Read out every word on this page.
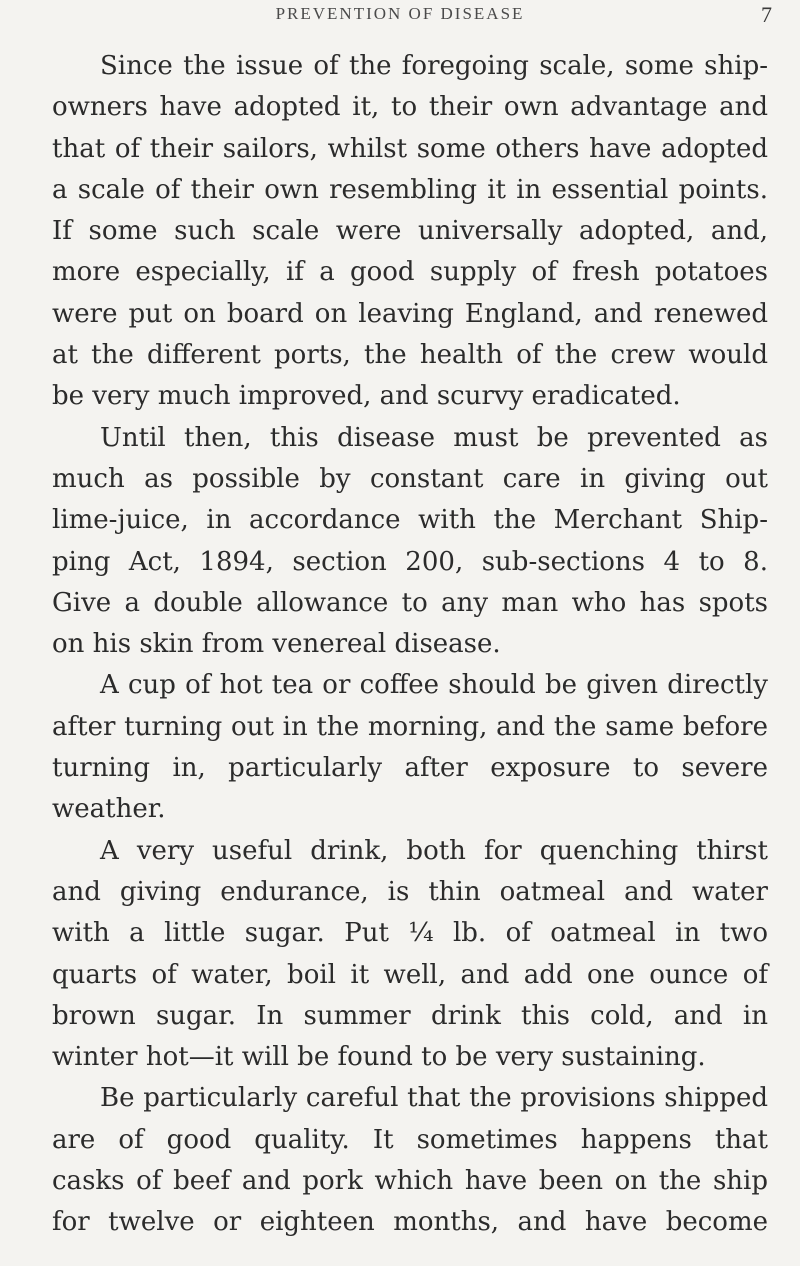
PREVENTION OF DISEASE	7
Since the issue of the foregoing scale, some ship-
owners have adopted it, to their own advantage and
that of their sailors, whilst some others have adopted
a scale of their own resembling it in essential points.
If some such scale were universally adopted, and,
more especially, if a good supply of fresh potatoes
were put on board on leaving England, and renewed
at the different ports, the health of the crew would
be very much improved, and scurvy eradicated.
Until then, this disease must be prevented as
much as possible by constant care in giving out
lime-juice, in accordance with the Merchant Ship-
ping Act, 1894, section 200, sub-sections 4 to 8.
Give a double allowance to any man who has spots
on his skin from venereal disease.
A cup of hot tea or coffee should be given directly
after turning out in the morning, and the same before
turning in, particularly after exposure to severe
weather.
A very useful drink, both for quenching thirst
and giving endurance, is thin oatmeal and water
with a little sugar. Put ¼ lb. of oatmeal in two
quarts of water, boil it well, and add one ounce of
brown sugar. In summer drink this cold, and in
winter hot—it will be found to be very sustaining.
Be particularly careful that the provisions shipped
are of good quality. It sometimes happens that
casks of beef and pork which have been on the ship
for twelve or eighteen months, and have become
